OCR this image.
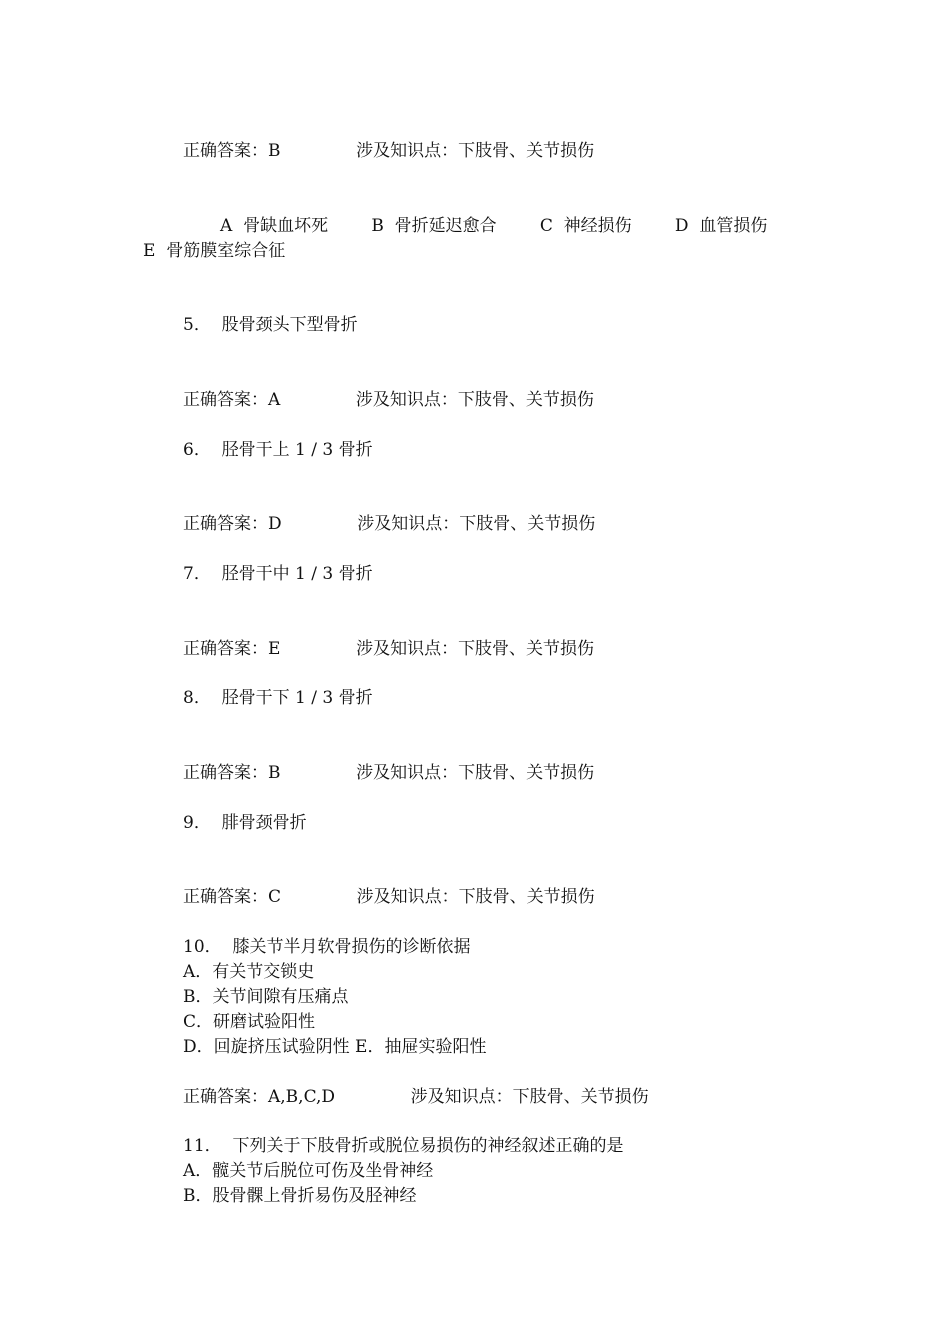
正确答案：B              涉及知识点：下肢骨、关节损伤

A  骨缺血坏死        B  骨折延迟愈合        C  神经损伤        D  血管损伤

E  骨筋膜室综合征

5．  股骨颈头下型骨折

正确答案：A              涉及知识点：下肢骨、关节损伤

6．  胫骨干上 1 / 3 骨折

正确答案：D              涉及知识点：下肢骨、关节损伤

7．  胫骨干中 1 / 3 骨折

正确答案：E              涉及知识点：下肢骨、关节损伤

8．  胫骨干下 1 / 3 骨折

正确答案：B              涉及知识点：下肢骨、关节损伤

9．  腓骨颈骨折

正确答案：C              涉及知识点：下肢骨、关节损伤

10．  膝关节半月软骨损伤的诊断依据

A．有关节交锁史

B．关节间隙有压痛点

C．研磨试验阳性

D．回旋挤压试验阴性 E．抽屉实验阳性

正确答案：A,B,C,D              涉及知识点：下肢骨、关节损伤

11．  下列关于下肢骨折或脱位易损伤的神经叙述正确的是

A．髋关节后脱位可伤及坐骨神经

B．股骨髁上骨折易伤及胫神经
